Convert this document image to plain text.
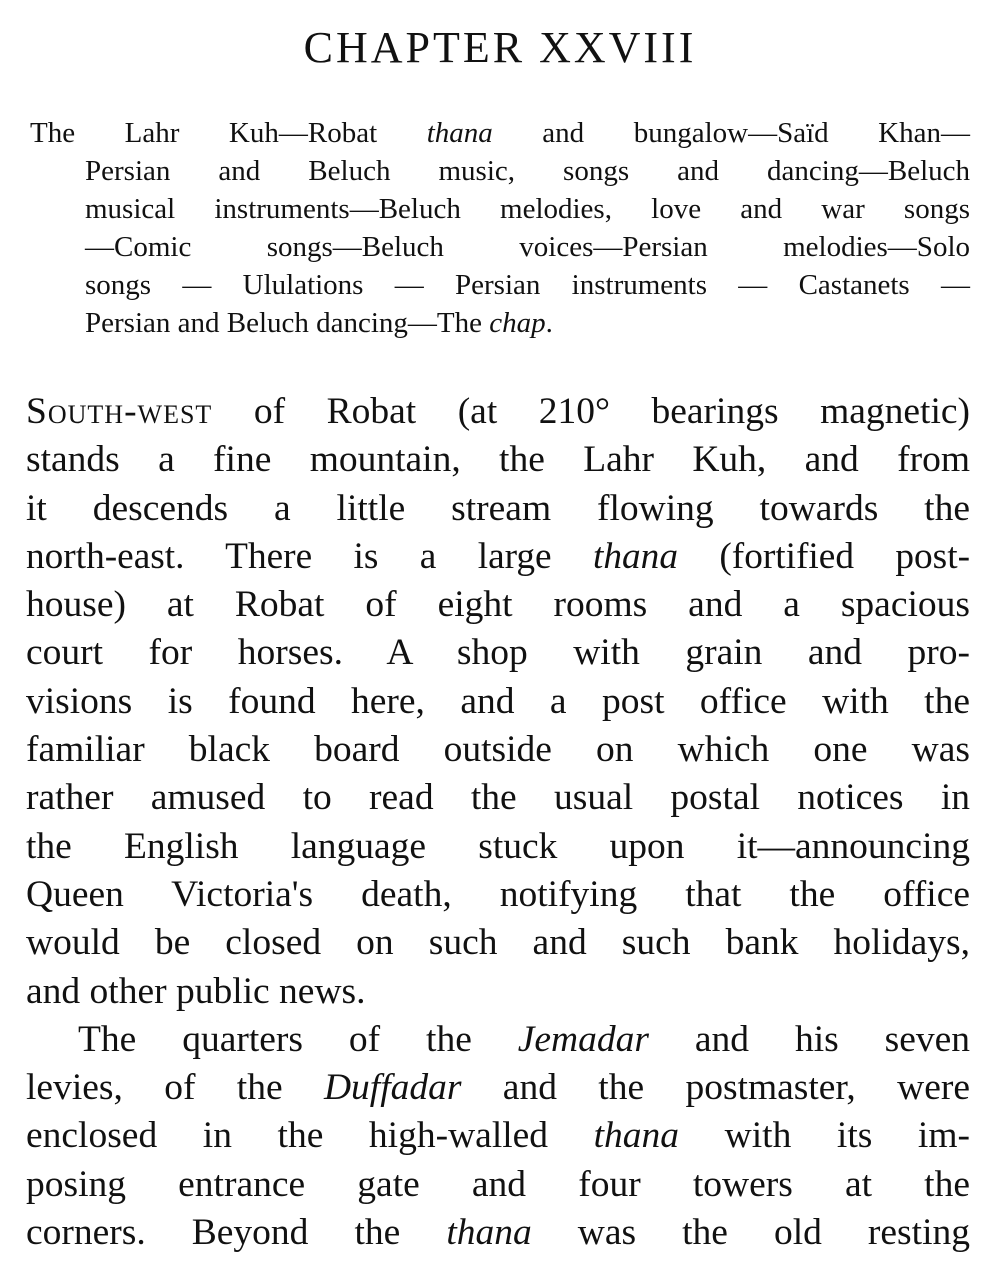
CHAPTER XXVIII
The Lahr Kuh—Robat thana and bungalow—Saïd Khan—
Persian and Beluch music, songs and dancing—Beluch
musical instruments—Beluch melodies, love and war songs
—Comic songs—Beluch voices—Persian melodies—Solo
songs — Ululations — Persian instruments — Castanets —
Persian and Beluch dancing—The chap.
South-west of Robat (at 210° bearings magnetic)
stands a fine mountain, the Lahr Kuh, and from
it descends a little stream flowing towards the
north-east. There is a large thana (fortified post-
house) at Robat of eight rooms and a spacious
court for horses. A shop with grain and pro-
visions is found here, and a post office with the
familiar black board outside on which one was
rather amused to read the usual postal notices in
the English language stuck upon it—announcing
Queen Victoria's death, notifying that the office
would be closed on such and such bank holidays,
and other public news.
The quarters of the Jemadar and his seven
levies, of the Duffadar and the postmaster, were
enclosed in the high-walled thana with its im-
posing entrance gate and four towers at the
corners. Beyond the thana was the old resting
